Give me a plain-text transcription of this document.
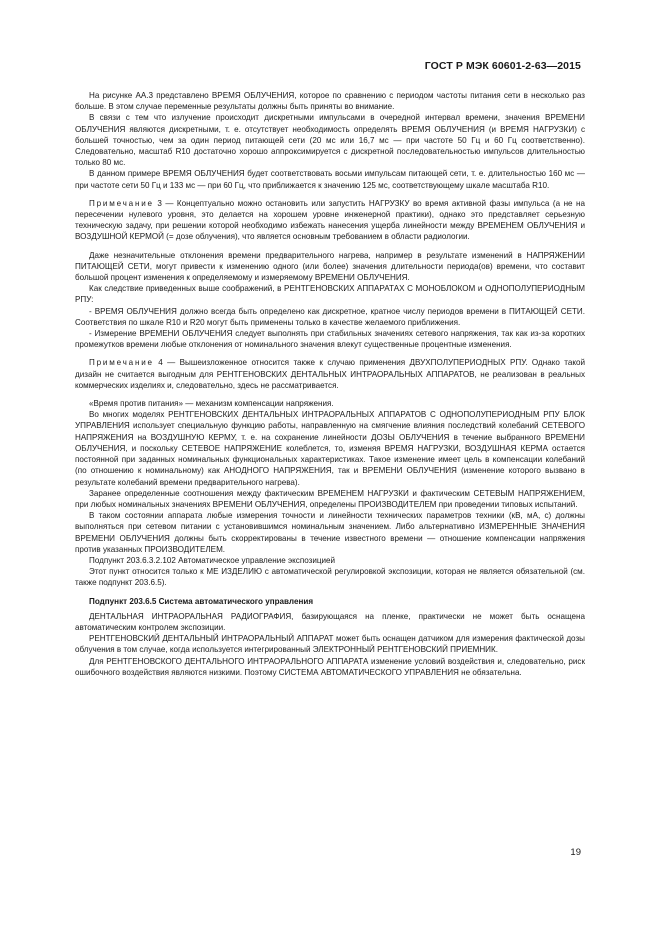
ГОСТ Р МЭК 60601-2-63—2015

На рисунке АА.3 представлено ВРЕМЯ ОБЛУЧЕНИЯ, которое по сравнению с периодом частоты питания сети в несколько раз больше. В этом случае переменные результаты должны быть приняты во внимание.

В связи с тем что излучение происходит дискретными импульсами в очередной интервал времени, значения ВРЕМЕНИ ОБЛУЧЕНИЯ являются дискретными, т. е. отсутствует необходимость определять ВРЕМЯ ОБЛУЧЕНИЯ (и ВРЕМЯ НАГРУЗКИ) с большей точностью, чем за один период питающей сети (20 мс или 16,7 мс — при частоте 50 Гц и 60 Гц соответственно). Следовательно, масштаб R10 достаточно хорошо аппроксимируется с дискретной последовательностью импульсов длительностью только 80 мс.

В данном примере ВРЕМЯ ОБЛУЧЕНИЯ будет соответствовать восьми импульсам питающей сети, т. е. длительностью 160 мс — при частоте сети 50 Гц и 133 мс — при 60 Гц, что приближается к значению 125 мс, соответствующему шкале масштаба R10.

Примечание 3 — Концептуально можно остановить или запустить НАГРУЗКУ во время активной фазы импульса (а не на пересечении нулевого уровня, это делается на хорошем уровне инженерной практики), однако это представляет серьезную техническую задачу, при решении которой необходимо избежать нанесения ущерба линейности между ВРЕМЕНЕМ ОБЛУЧЕНИЯ и ВОЗДУШНОЙ КЕРМОЙ (= дозе облучения), что является основным требованием в области радиологии.

Даже незначительные отклонения времени предварительного нагрева, например в результате изменений в НАПРЯЖЕНИИ ПИТАЮЩЕЙ СЕТИ, могут привести к изменению одного (или более) значения длительности периода(ов) времени, что составит большой процент изменения к определяемому и измеряемому ВРЕМЕНИ ОБЛУЧЕНИЯ.

Как следствие приведенных выше соображений, в РЕНТГЕНОВСКИХ АППАРАТАХ С МОНОБЛОКОМ и ОДНОПОЛУПЕРИОДНЫМ РПУ:

- ВРЕМЯ ОБЛУЧЕНИЯ должно всегда быть определено как дискретное, кратное числу периодов времени в ПИТАЮЩЕЙ СЕТИ. Соответствия по шкале R10 и R20 могут быть применены только в качестве желаемого приближения.

- Измерение ВРЕМЕНИ ОБЛУЧЕНИЯ следует выполнять при стабильных значениях сетевого напряжения, так как из-за коротких промежутков времени любые отклонения от номинального значения влекут существенные процентные изменения.

Примечание 4 — Вышеизложенное относится также к случаю применения ДВУХПОЛУПЕРИОДНЫХ РПУ. Однако такой дизайн не считается выгодным для РЕНТГЕНОВСКИХ ДЕНТАЛЬНЫХ ИНТРАОРАЛЬНЫХ АППАРАТОВ, не реализован в реальных коммерческих изделиях и, следовательно, здесь не рассматривается.

«Время против питания» — механизм компенсации напряжения.

Во многих моделях РЕНТГЕНОВСКИХ ДЕНТАЛЬНЫХ ИНТРАОРАЛЬНЫХ АППАРАТОВ С ОДНОПОЛУПЕРИОДНЫМ РПУ БЛОК УПРАВЛЕНИЯ использует специальную функцию работы, направленную на смягчение влияния последствий колебаний СЕТЕВОГО НАПРЯЖЕНИЯ на ВОЗДУШНУЮ КЕРМУ, т. е. на сохранение линейности ДОЗЫ ОБЛУЧЕНИЯ в течение выбранного ВРЕМЕНИ ОБЛУЧЕНИЯ, и поскольку СЕТЕВОЕ НАПРЯЖЕНИЕ колеблется, то, изменяя ВРЕМЯ НАГРУЗКИ, ВОЗДУШНАЯ КЕРМА остается постоянной при заданных номинальных функциональных характеристиках. Такое изменение имеет цель в компенсации колебаний (по отношению к номинальному) как АНОДНОГО НАПРЯЖЕНИЯ, так и ВРЕМЕНИ ОБЛУЧЕНИЯ (изменение которого вызвано в результате колебаний времени предварительного нагрева).

Заранее определенные соотношения между фактическим ВРЕМЕНЕМ НАГРУЗКИ и фактическим СЕТЕВЫМ НАПРЯЖЕНИЕМ, при любых номинальных значениях ВРЕМЕНИ ОБЛУЧЕНИЯ, определены ПРОИЗВОДИТЕЛЕМ при проведении типовых испытаний.

В таком состоянии аппарата любые измерения точности и линейности технических параметров техники (кВ, мА, с) должны выполняться при сетевом питании с установившимся номинальным значением. Либо альтернативно ИЗМЕРЕННЫЕ ЗНАЧЕНИЯ ВРЕМЕНИ ОБЛУЧЕНИЯ должны быть скорректированы в течение известного времени — отношение компенсации напряжения против указанных ПРОИЗВОДИТЕЛЕМ.

Подпункт 203.6.3.2.102 Автоматическое управление экспозицией

Этот пункт относится только к МЕ ИЗДЕЛИЮ с автоматической регулировкой экспозиции, которая не является обязательной (см. также подпункт 203.6.5).

Подпункт 203.6.5 Система автоматического управления

ДЕНТАЛЬНАЯ ИНТРАОРАЛЬНАЯ РАДИОГРАФИЯ, базирующаяся на пленке, практически не может быть оснащена автоматическим контролем экспозиции.

РЕНТГЕНОВСКИЙ ДЕНТАЛЬНЫЙ ИНТРАОРАЛЬНЫЙ АППАРАТ может быть оснащен датчиком для измерения фактической дозы облучения в том случае, когда используется интегрированный ЭЛЕКТРОННЫЙ РЕНТГЕНОВСКИЙ ПРИЕМНИК.

Для РЕНТГЕНОВСКОГО ДЕНТАЛЬНОГО ИНТРАОРАЛЬНОГО АППАРАТА изменение условий воздействия и, следовательно, риск ошибочного воздействия являются низкими. Поэтому СИСТЕМА АВТОМАТИЧЕСКОГО УПРАВЛЕНИЯ не обязательна.

19
